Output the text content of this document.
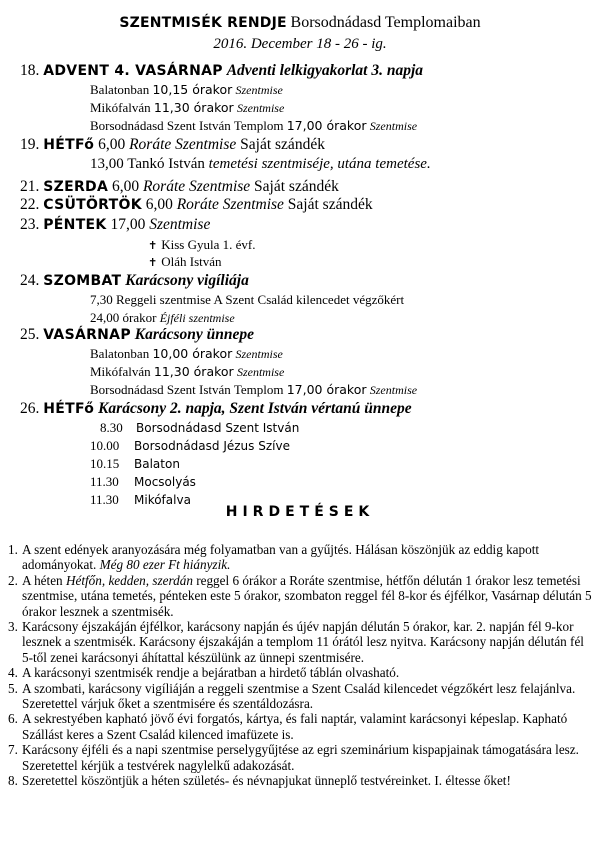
SZENTMISÉK RENDJE Borsodnádasd Templomaiban
2016. December 18 - 26 - ig.
18. ADVENT 4. VASÁRNAP Adventi lelkigyakorlat 3. napja
Balatonban 10,15 órakor Szentmise
Mikófalván 11,30 órakor Szentmise
Borsodnádasd Szent István Templom 17,00 órakor Szentmise
19. HÉTFő 6,00 Roráte Szentmise Saját szándék
13,00 Tankó István temetési szentmiséje, utána temetése.
21. SZERDA 6,00 Roráte Szentmise Saját szándék
22. CSÜTÖRTÖK 6,00 Roráte Szentmise Saját szándék
23. PÉNTEK 17,00 Szentmise
✝ Kiss Gyula 1. évf.
✝ Oláh István
24. SZOMBAT Karácsony vigíliája
7,30 Reggeli szentmise A Szent Család kilencedet végzőkért
24,00 órakor Éjféli szentmise
25. VASÁRNAP Karácsony ünnepe
Balatonban 10,00 órakor Szentmise
Mikófalván 11,30 órakor Szentmise
Borsodnádasd Szent István Templom 17,00 órakor Szentmise
26. HÉTFő Karácsony 2. napja, Szent István vértanú ünnepe
8.30 Borsodnádasd Szent István
10.00 Borsodnádasd Jézus Szíve
10.15 Balaton
11.30 Mocsolyás
11.30 Mikófalva
HIRDETÉSEK
1. A szent edények aranyozására még folyamatban van a gyűjtés. Hálásan köszönjük az eddig kapott adományokat. Még 80 ezer Ft hiányzik.
2. A héten Hétfőn, kedden, szerdán reggel 6 órákor a Roráte szentmise, hétfőn délután 1 órakor lesz temetési szentmise, utána temetés, pénteken este 5 órakor, szombaton reggel fél 8-kor és éjfélkor, Vasárnap délután 5 órakor lesznek a szentmisék.
3. Karácsony éjszakáján éjfélkor, karácsony napján és újév napján délután 5 órakor, kar. 2. napján fél 9-kor lesznek a szentmisék. Karácsony éjszakáján a templom 11 órától lesz nyitva. Karácsony napján délután fél 5-től zenei karácsonyi áhítattal készülünk az ünnepi szentmisére.
4. A karácsonyi szentmisék rendje a bejáratban a hirdető táblán olvasható.
5. A szombati, karácsony vigíliáján a reggeli szentmise a Szent Család kilencedet végzőkért lesz felajánlva. Szeretettel várjuk őket a szentmisére és szentáldozásra.
6. A sekrestyében kapható jövő évi forgatós, kártya, és fali naptár, valamint karácsonyi képeslap. Kapható Szállást keres a Szent Család kilenced imafüzete is.
7. Karácsony éjféli és a napi szentmise perselygyűjtése az egri szeminárium kispapjainak támogatására lesz. Szeretettel kérjük a testvérek nagylelkű adakozását.
8. Szeretettel köszöntjük a héten születés- és névnapjukat ünneplő testvéreinket. I. éltesse őket!
